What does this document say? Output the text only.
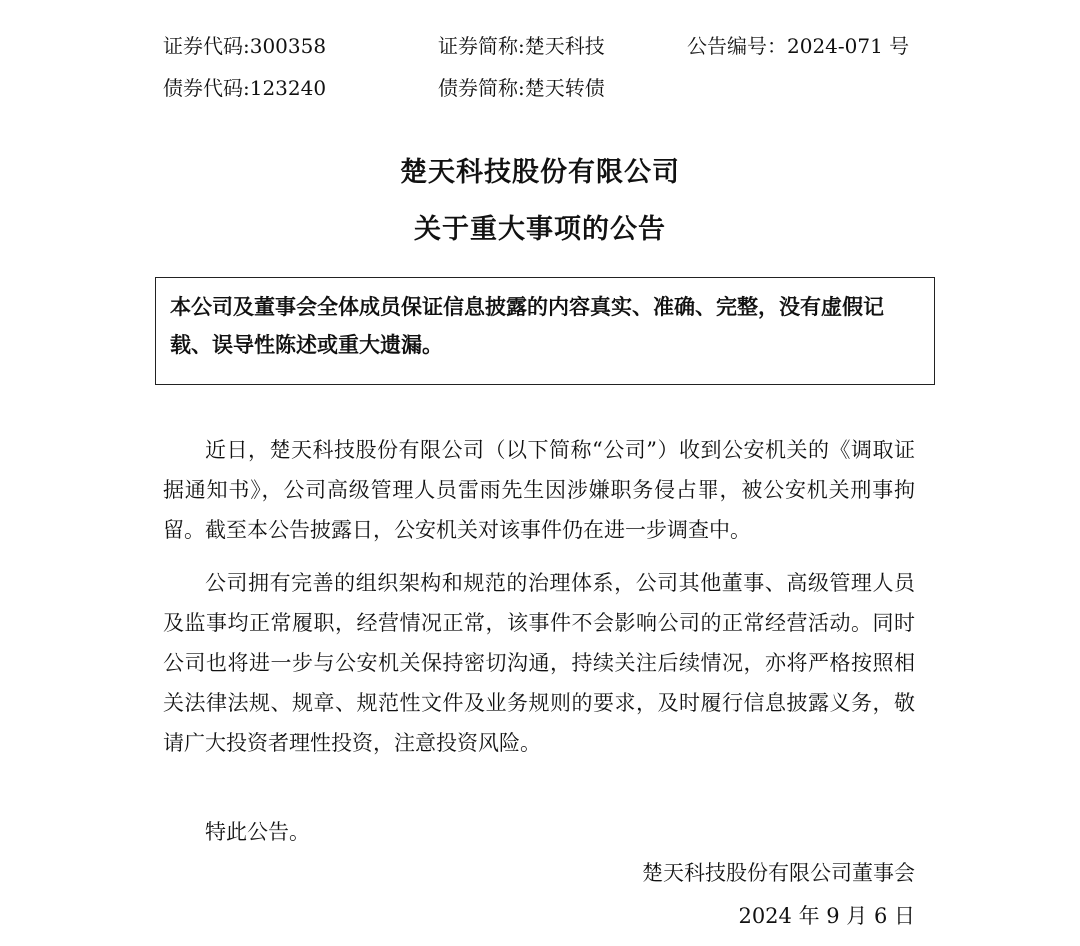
证券代码:300358	证券简称:楚天科技	公告编号：2024-071 号
债券代码:123240	债券简称:楚天转债
楚天科技股份有限公司
关于重大事项的公告
本公司及董事会全体成员保证信息披露的内容真实、准确、完整，没有虚假记载、误导性陈述或重大遗漏。
近日，楚天科技股份有限公司（以下简称“公司”）收到公安机关的《调取证据通知书》，公司高级管理人员雷雨先生因涉嫌职务侵占罪，被公安机关刑事拘留。截至本公告披露日，公安机关对该事件仍在进一步调查中。
公司拥有完善的组织架构和规范的治理体系，公司其他董事、高级管理人员及监事均正常履职，经营情况正常，该事件不会影响公司的正常经营活动。同时公司也将进一步与公安机关保持密切沟通，持续关注后续情况，亦将严格按照相关法律法规、规章、规范性文件及业务规则的要求，及时履行信息披露义务，敬请广大投资者理性投资，注意投资风险。
特此公告。
楚天科技股份有限公司董事会
2024 年 9 月 6 日
